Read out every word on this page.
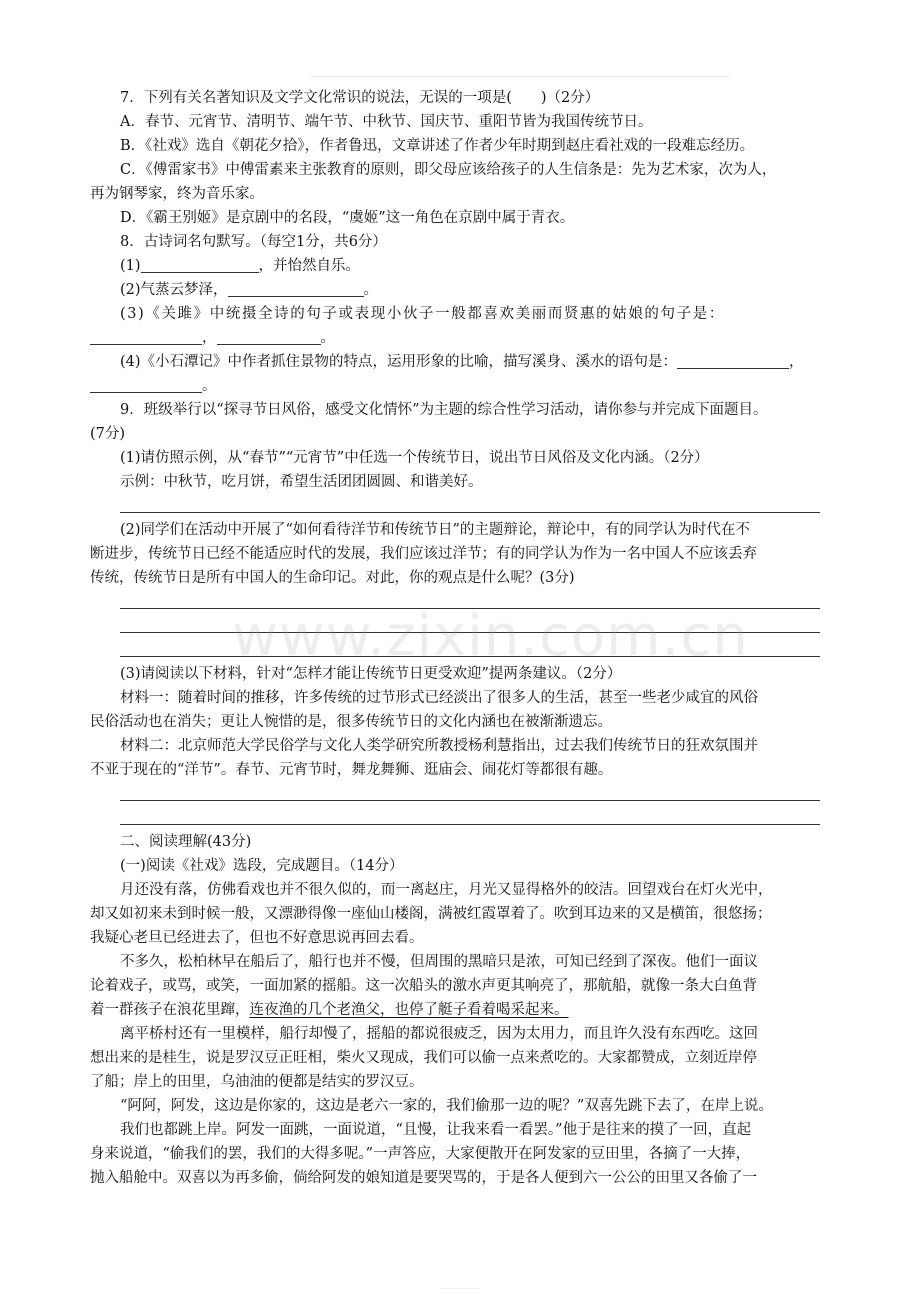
7．下列有关名著知识及文学文化常识的说法，无误的一项是(　　)（2分）

A．春节、元宵节、清明节、端午节、中秋节、国庆节、重阳节皆为我国传统节日。

B．《社戏》选自《朝花夕拾》，作者鲁迅，文章讲述了作者少年时期到赵庄看社戏的一段难忘经历。

C．《傅雷家书》中傅雷素来主张教育的原则，即父母应该给孩子的人生信条是：先为艺术家，次为人，

再为钢琴家，终为音乐家。

D．《霸王别姬》是京剧中的名段，“虞姬”这一角色在京剧中属于青衣。

8．古诗词名句默写。（每空1分，共6分）

(1)	，并怡然自乐。

(2)气蒸云梦泽，	。

(3)《关雎》中统摄全诗的句子或表现小伙子一般都喜欢美丽而贤惠的姑娘的句子是：

，	。

(4)《小石潭记》中作者抓住景物的特点，运用形象的比喻，描写溪身、溪水的语句是：	，

。

9．班级举行以“探寻节日风俗，感受文化情怀”为主题的综合性学习活动，请你参与并完成下面题目。

(7分)

(1)请仿照示例，从“春节”“元宵节”中任选一个传统节日，说出节日风俗及文化内涵。（2分）

示例：中秋节，吃月饼，希望生活团团圆圆、和谐美好。

(2)同学们在活动中开展了“如何看待洋节和传统节日”的主题辩论，辩论中，有的同学认为时代在不

断进步，传统节日已经不能适应时代的发展，我们应该过洋节；有的同学认为作为一名中国人不应该丢弃

传统，传统节日是所有中国人的生命印记。对此，你的观点是什么呢？(3分)

(3)请阅读以下材料，针对“怎样才能让传统节日更受欢迎”提两条建议。（2分）

材料一：随着时间的推移，许多传统的过节形式已经淡出了很多人的生活，甚至一些老少咸宜的风俗

民俗活动也在消失；更让人惋惜的是，很多传统节日的文化内涵也在被渐渐遗忘。

材料二：北京师范大学民俗学与文化人类学研究所教授杨利慧指出，过去我们传统节日的狂欢氛围并

不亚于现在的“洋节”。春节、元宵节时，舞龙舞狮、逛庙会、闹花灯等都很有趣。

二、阅读理解(43分)

(一)阅读《社戏》选段，完成题目。（14分）

月还没有落，仿佛看戏也并不很久似的，而一离赵庄，月光又显得格外的皎洁。回望戏台在灯火光中，

却又如初来未到时候一般，又漂渺得像一座仙山楼阁，满被红霞罩着了。吹到耳边来的又是横笛，很悠扬；

我疑心老旦已经进去了，但也不好意思说再回去看。

不多久，松柏林早在船后了，船行也并不慢，但周围的黑暗只是浓，可知已经到了深夜。他们一面议

论着戏子，或骂，或笑，一面加紧的摇船。这一次船头的激水声更其响亮了，那航船，就像一条大白鱼背

着一群孩子在浪花里蹿，连夜渔的几个老渔父，也停了艇子看着喝采起来。

离平桥村还有一里模样，船行却慢了，摇船的都说很疲乏，因为太用力，而且许久没有东西吃。这回

想出来的是桂生，说是罗汉豆正旺相，柴火又现成，我们可以偷一点来煮吃的。大家都赞成，立刻近岸停

了船；岸上的田里，乌油油的便都是结实的罗汉豆。

“阿阿，阿发，这边是你家的，这边是老六一家的，我们偷那一边的呢？”双喜先跳下去了，在岸上说。

我们也都跳上岸。阿发一面跳，一面说道，“且慢，让我来看一看罢。”他于是往来的摸了一回，直起

身来说道，“偷我们的罢，我们的大得多呢。”一声答应，大家便散开在阿发家的豆田里，各摘了一大捧，

抛入船舱中。双喜以为再多偷，倘给阿发的娘知道是要哭骂的，于是各人便到六一公公的田里又各偷了一

www.zixin.com.cn
